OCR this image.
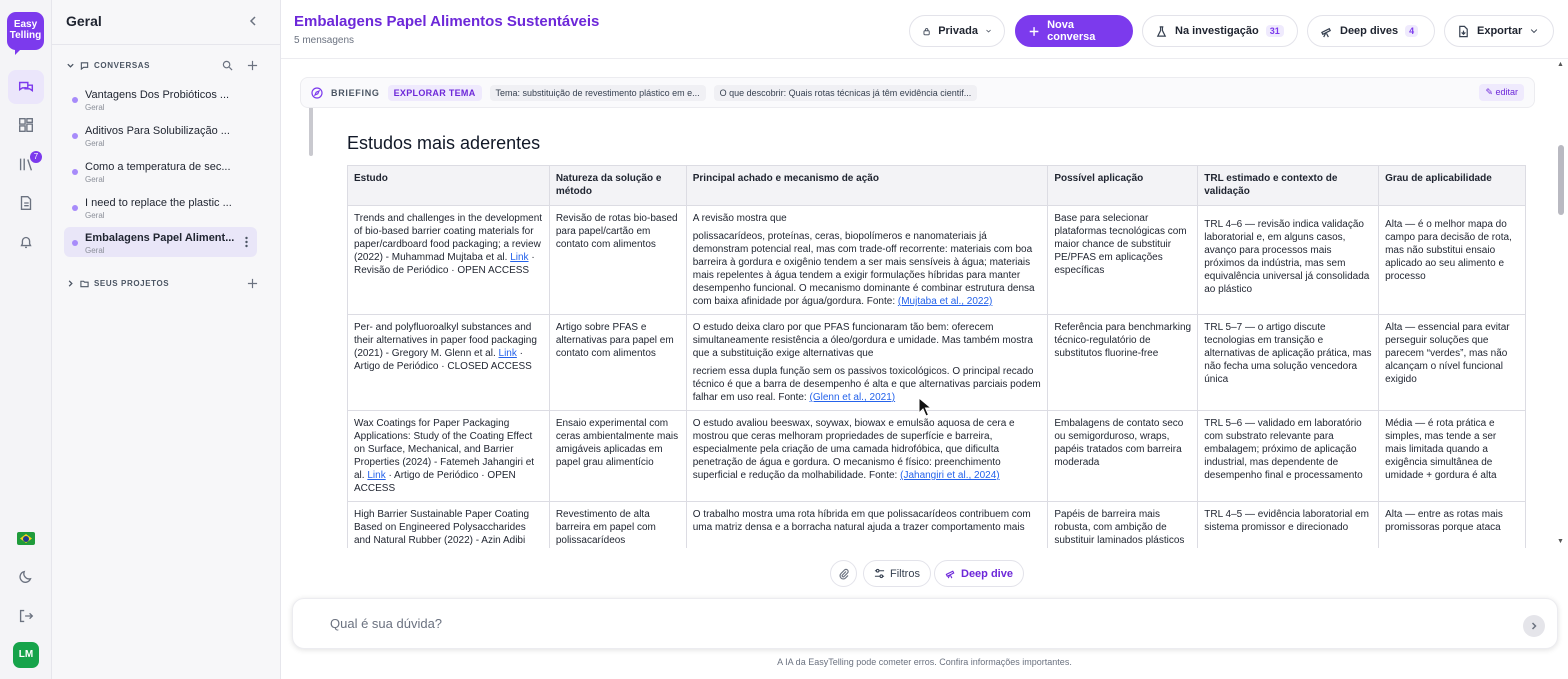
Easy
Telling
7
LM
Geral
CONVERSAS
Vantagens Dos Probióticos ...
Geral
Aditivos Para Solubilização ...
Geral
Como a temperatura de sec...
Geral
I need to replace the plastic ...
Geral
Embalagens Papel Aliment...
Geral
SEUS PROJETOS
Embalagens Papel Alimentos Sustentáveis
5 mensagens
Privada	Nova conversa	Na investigação	31	Deep dives	4	Exportar
BRIEFING	EXPLORAR TEMA	Tema: substituição de revestimento plástico em e...	O que descobrir: Quais rotas técnicas já têm evidência cientif...	✎ editar
Estudos mais aderentes
Estudo	Natureza da solução e método	Principal achado e mecanismo de ação	Possível aplicação	TRL estimado e contexto de validação	Grau de aplicabilidade
Trends and challenges in the development of bio-based barrier coating materials for paper/cardboard food packaging; a review (2022) - Muhammad Mujtaba et al. Link · Revisão de Periódico · OPEN ACCESS	Revisão de rotas bio-based para papel/cartão em contato com alimentos	A revisão mostra que

polissacarídeos, proteínas, ceras, biopolímeros e nanomateriais já demonstram potencial real, mas com trade-off recorrente: materiais com boa barreira à gordura e oxigênio tendem a ser mais sensíveis à água; materiais mais repelentes à água tendem a exigir formulações híbridas para manter desempenho funcional. O mecanismo dominante é combinar estrutura densa com baixa afinidade por água/gordura. Fonte: (Mujtaba et al., 2022)	Base para selecionar plataformas tecnológicas com maior chance de substituir PE/PFAS em aplicações específicas	TRL 4–6 — revisão indica validação laboratorial e, em alguns casos, avanço para processos mais próximos da indústria, mas sem equivalência universal já consolidada ao plástico	Alta — é o melhor mapa do campo para decisão de rota, mas não substitui ensaio aplicado ao seu alimento e processo
Per- and polyfluoroalkyl substances and their alternatives in paper food packaging (2021) - Gregory M. Glenn et al. Link · Artigo de Periódico · CLOSED ACCESS	Artigo sobre PFAS e alternativas para papel em contato com alimentos	O estudo deixa claro por que PFAS funcionaram tão bem: oferecem simultaneamente resistência a óleo/gordura e umidade. Mas também mostra que a substituição exige alternativas que

recriem essa dupla função sem os passivos toxicológicos. O principal recado técnico é que a barra de desempenho é alta e que alternativas parciais podem falhar em uso real. Fonte: (Glenn et al., 2021)	Referência para benchmarking técnico-regulatório de substitutos fluorine-free	TRL 5–7 — o artigo discute tecnologias em transição e alternativas de aplicação prática, mas não fecha uma solução vencedora única	Alta — essencial para evitar perseguir soluções que parecem “verdes”, mas não alcançam o nível funcional exigido
Wax Coatings for Paper Packaging Applications: Study of the Coating Effect on Surface, Mechanical, and Barrier Properties (2024) - Fatemeh Jahangiri et al. Link · Artigo de Periódico · OPEN ACCESS	Ensaio experimental com ceras ambientalmente mais amigáveis aplicadas em papel grau alimentício	O estudo avaliou beeswax, soywax, biowax e emulsão aquosa de cera e mostrou que ceras melhoram propriedades de superfície e barreira, especialmente pela criação de uma camada hidrofóbica, que dificulta penetração de água e gordura. O mecanismo é físico: preenchimento superficial e redução da molhabilidade. Fonte: (Jahangiri et al., 2024)	Embalagens de contato seco ou semigorduroso, wraps, papéis tratados com barreira moderada	TRL 5–6 — validado em laboratório com substrato relevante para embalagem; próximo de aplicação industrial, mas dependente de desempenho final e processamento	Média — é rota prática e simples, mas tende a ser mais limitada quando a exigência simultânea de umidade + gordura é alta
High Barrier Sustainable Paper Coating Based on Engineered Polysaccharides and Natural Rubber (2022) - Azin Adibi	Revestimento de alta barreira em papel com polissacarídeos	O trabalho mostra uma rota híbrida em que polissacarídeos contribuem com uma matriz densa e a borracha natural ajuda a trazer comportamento mais	Papéis de barreira mais robusta, com ambição de substituir laminados plásticos	TRL 4–5 — evidência laboratorial em sistema promissor e direcionado	Alta — entre as rotas mais promissoras porque ataca
▲
▼
Filtros	Deep dive
Qual é sua dúvida?
A IA da EasyTelling pode cometer erros. Confira informações importantes.
